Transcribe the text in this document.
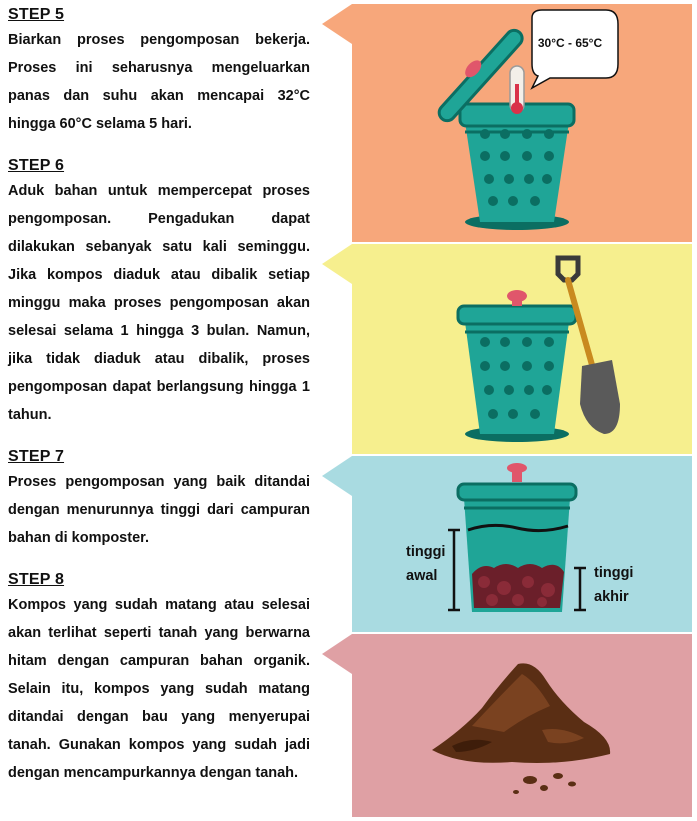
STEP 5
Biarkan proses pengomposan bekerja. Proses ini seharusnya mengeluarkan panas dan suhu akan mencapai 32°C hingga 60°C selama 5 hari.
STEP 6
Aduk bahan untuk mempercepat proses pengomposan. Pengadukan dapat dilakukan sebanyak satu kali seminggu. Jika kompos diaduk atau dibalik setiap minggu maka proses pengomposan akan selesai selama 1 hingga 3 bulan. Namun, jika tidak diaduk atau dibalik, proses pengomposan dapat berlangsung hingga 1 tahun.
STEP 7
Proses pengomposan yang baik ditandai dengan menurunnya tinggi dari campuran bahan di komposter.
STEP 8
Kompos yang sudah matang atau selesai akan terlihat seperti tanah yang berwarna hitam dengan campuran bahan organik. Selain itu, kompos yang sudah matang ditandai dengan bau yang menyerupai tanah. Gunakan kompos yang sudah jadi dengan mencampurkannya dengan tanah.
30°C - 65°C
tinggi
awal	tinggi
akhir
